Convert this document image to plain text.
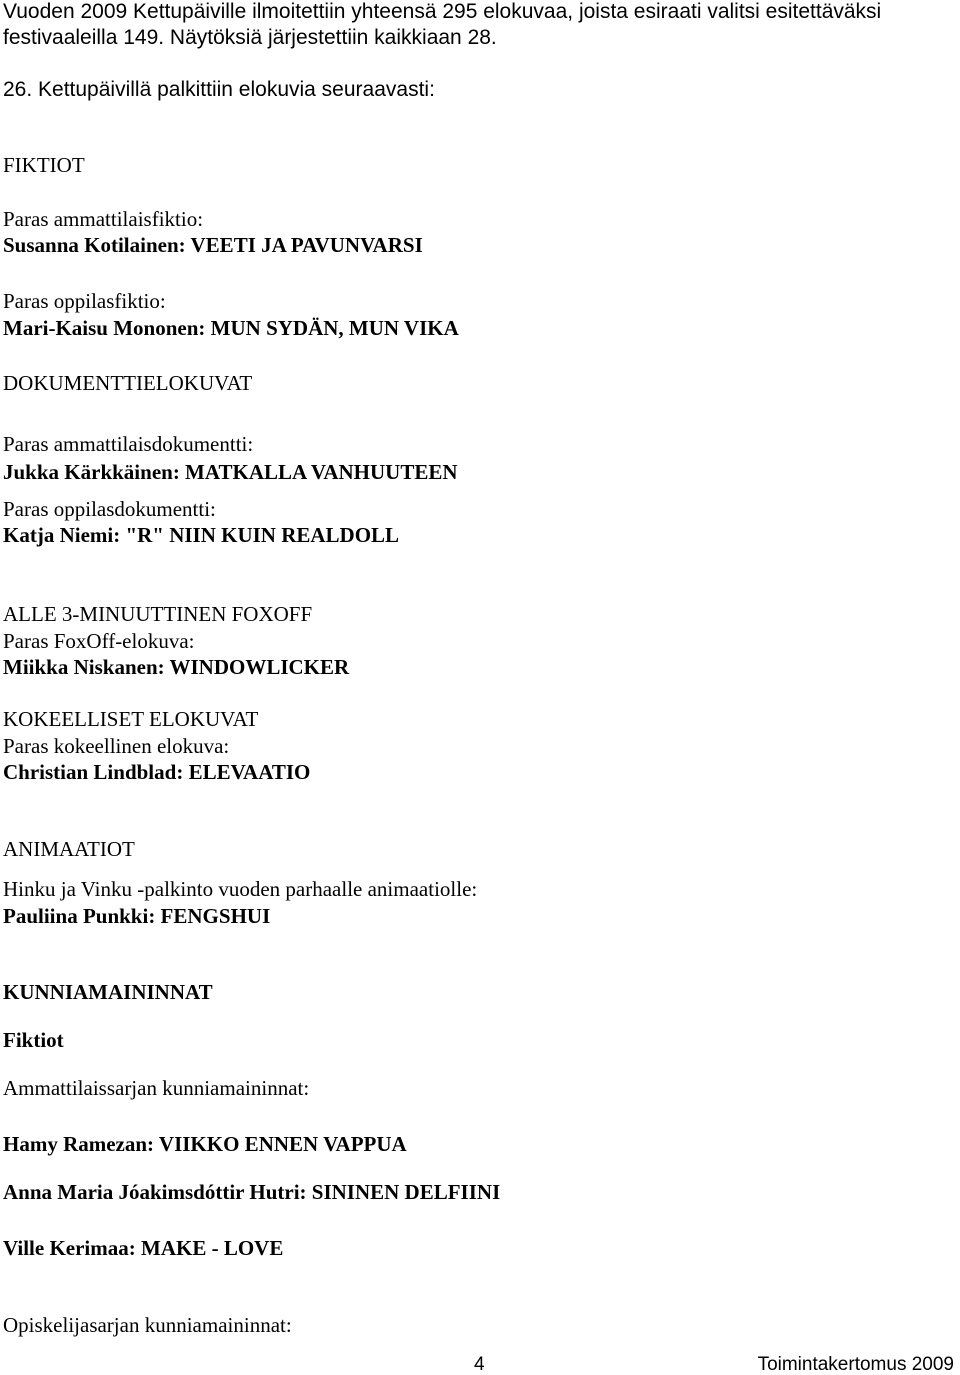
Vuoden 2009 Kettupäiville ilmoitettiin yhteensä 295 elokuvaa, joista esiraati valitsi esitettäväksi
festivaaleilla 149. Näytöksiä järjestettiin kaikkiaan 28.
26. Kettupäivillä palkittiin elokuvia seuraavasti:
FIKTIOT
Paras ammattilaisfiktio:
Susanna Kotilainen: VEETI JA PAVUNVARSI
Paras oppilasfiktio:
Mari-Kaisu Mononen: MUN SYDÄN, MUN VIKA
DOKUMENTTIELOKUVAT
Paras ammattilaisdokumentti:
Jukka Kärkkäinen: MATKALLA VANHUUTEEN
Paras oppilasdokumentti:
Katja Niemi: "R" NIIN KUIN REALDOLL
ALLE 3-MINUUTTINEN FOXOFF
Paras FoxOff-elokuva:
Miikka Niskanen: WINDOWLICKER
KOKEELLISET ELOKUVAT
Paras kokeellinen elokuva:
Christian Lindblad: ELEVAATIO
ANIMAATIOT
Hinku ja Vinku -palkinto vuoden parhaalle animaatiolle:
Pauliina Punkki: FENGSHUI
KUNNIAMAININNAT
Fiktiot
Ammattilaissarjan kunniamaininnat:
Hamy Ramezan: VIIKKO ENNEN VAPPUA
Anna Maria Jóakimsdóttir Hutri: SININEN DELFIINI
Ville Kerimaa: MAKE - LOVE
Opiskelijasarjan kunniamaininnat:
4	Toimintakertomus 2009
